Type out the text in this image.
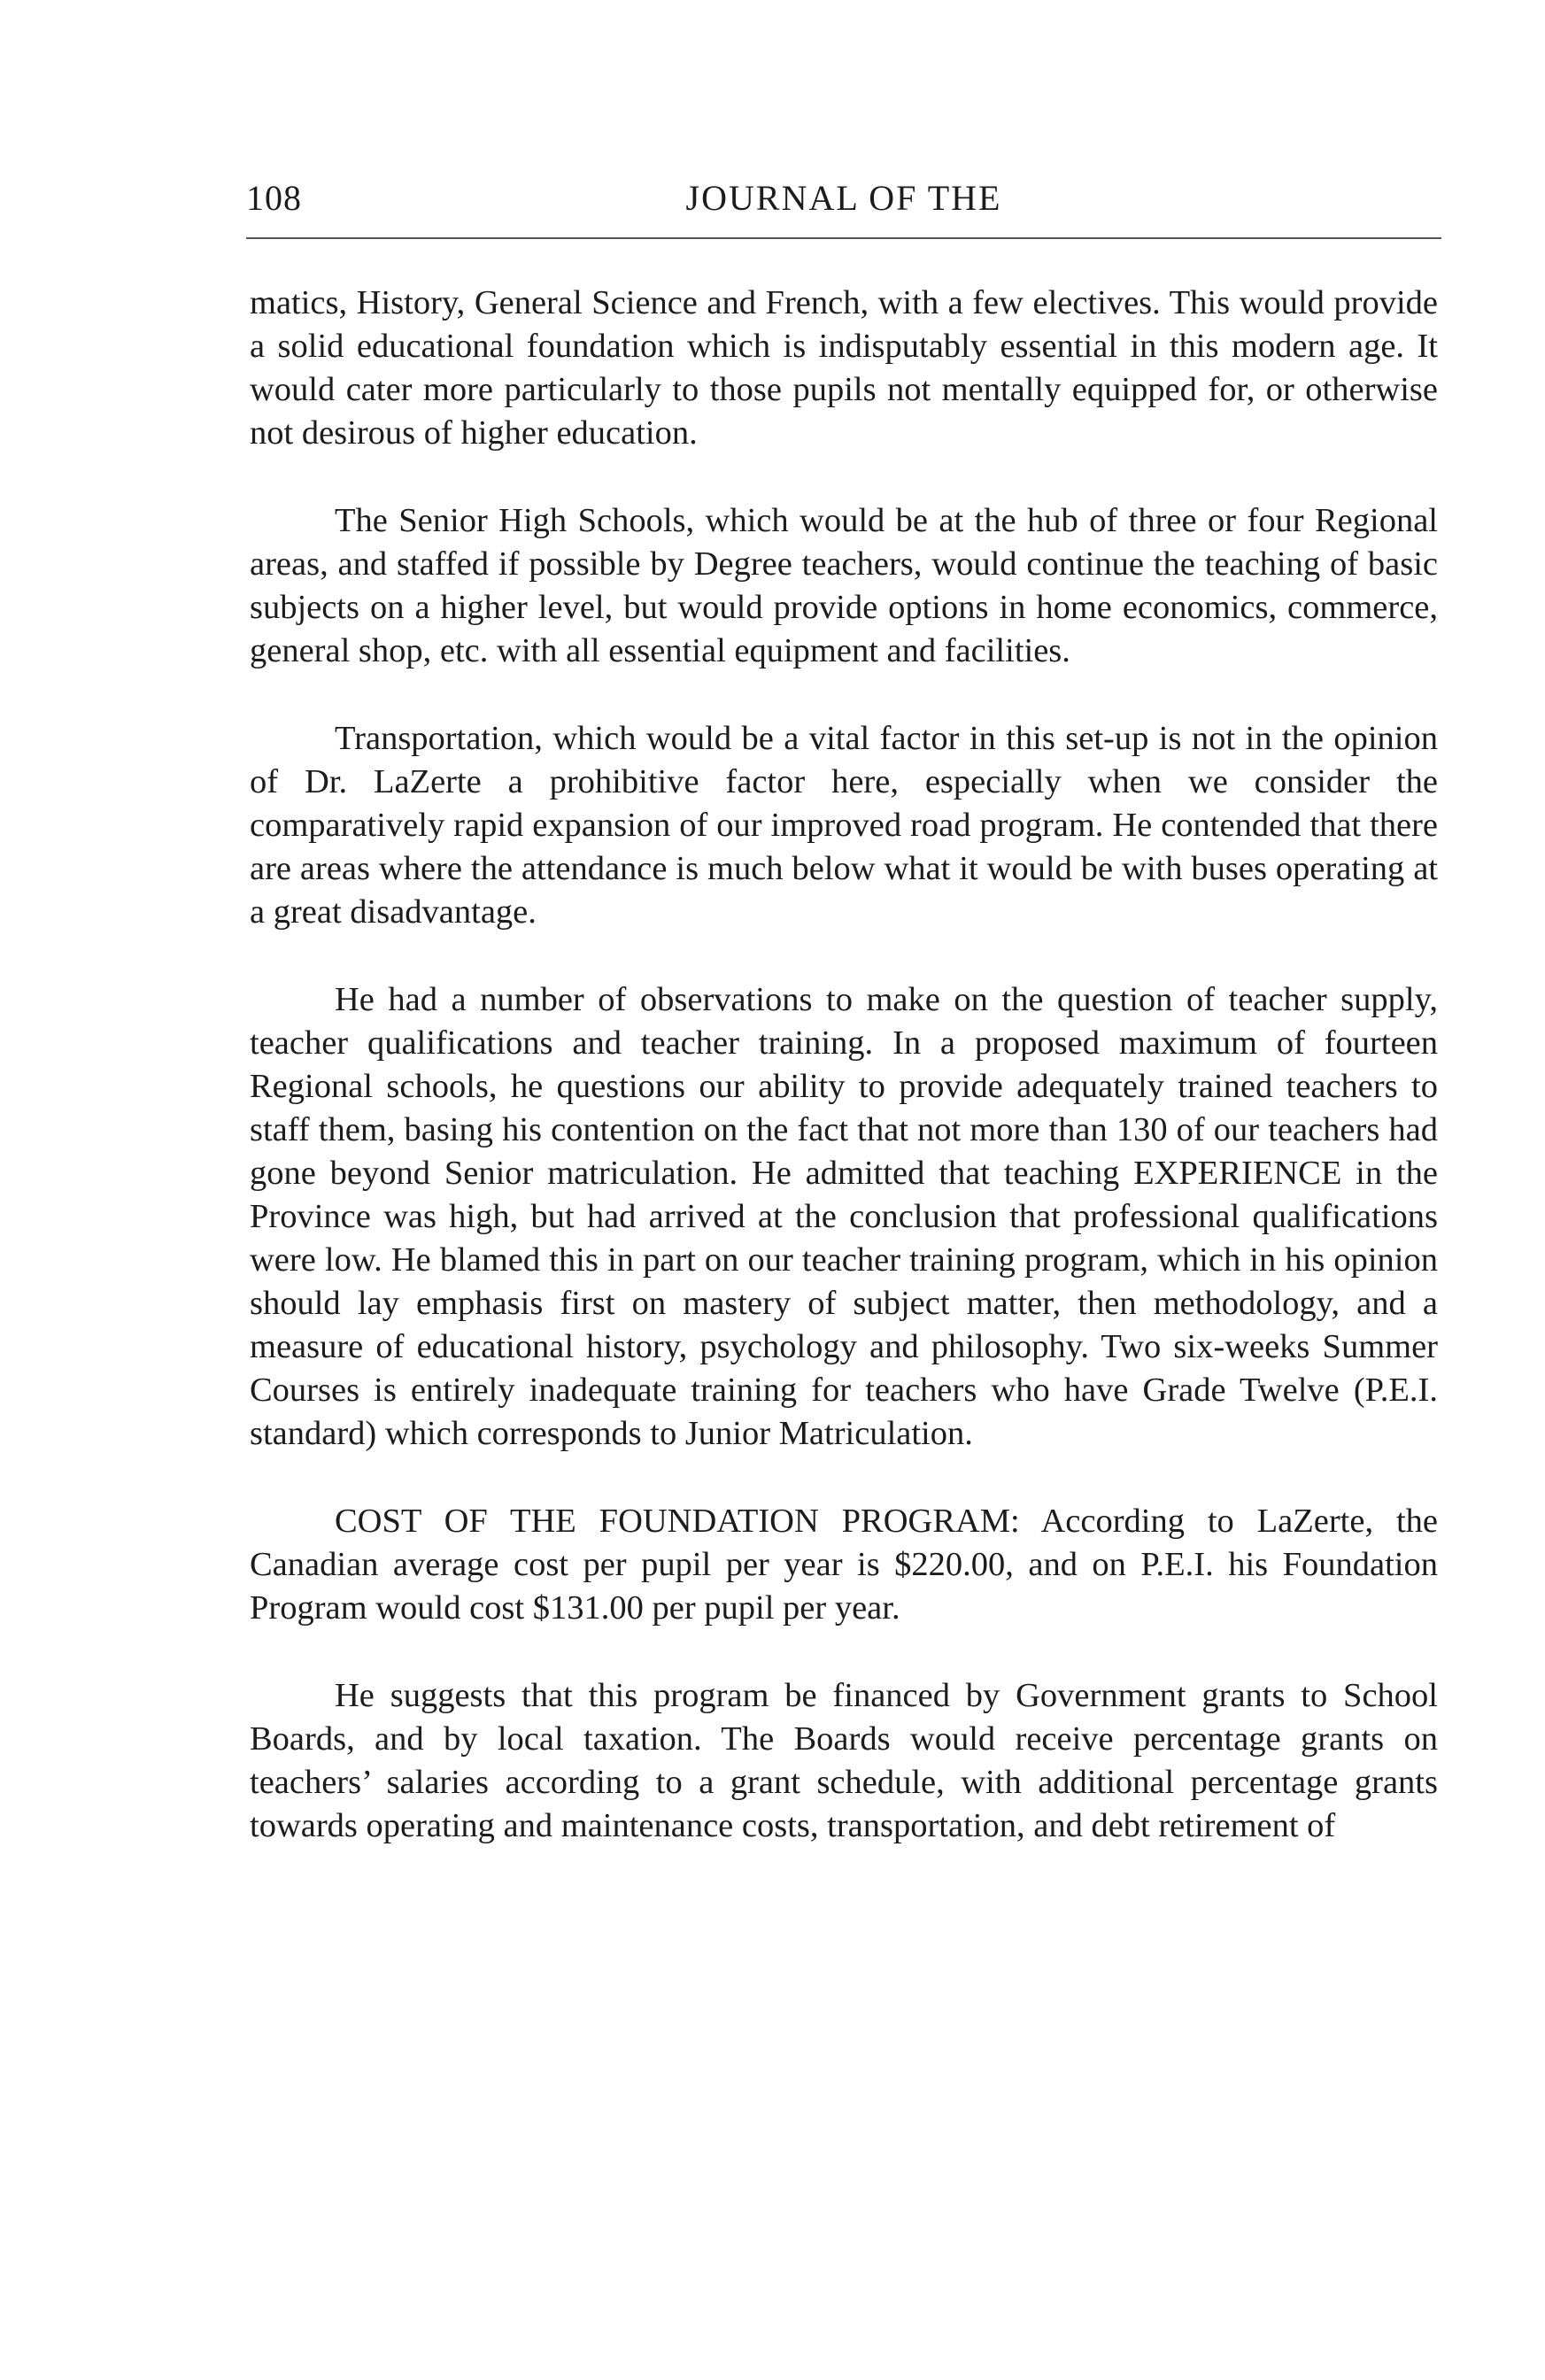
108	JOURNAL OF THE

matics, History, General Science and French, with a few electives. This would provide a solid educational foundation which is indisputably essential in this modern age. It would cater more particularly to those pupils not mentally equipped for, or otherwise not desirous of higher education.

The Senior High Schools, which would be at the hub of three or four Regional areas, and staffed if possible by Degree teachers, would continue the teaching of basic subjects on a higher level, but would provide options in home economics, commerce, general shop, etc. with all essential equipment and facilities.

Transportation, which would be a vital factor in this set-up is not in the opinion of Dr. LaZerte a prohibitive factor here, especially when we consider the comparatively rapid expansion of our improved road program. He contended that there are areas where the attendance is much below what it would be with buses operating at a great disadvantage.

He had a number of observations to make on the question of teacher supply, teacher qualifications and teacher training. In a proposed maximum of fourteen Regional schools, he questions our ability to provide adequately trained teachers to staff them, basing his contention on the fact that not more than 130 of our teachers had gone beyond Senior matriculation. He admitted that teaching EXPERIENCE in the Province was high, but had arrived at the conclusion that professional qualifications were low. He blamed this in part on our teacher training program, which in his opinion should lay emphasis first on mastery of subject matter, then methodology, and a measure of educational history, psychology and philosophy. Two six-weeks Summer Courses is entirely inadequate training for teachers who have Grade Twelve (P.E.I. standard) which corresponds to Junior Matriculation.

COST OF THE FOUNDATION PROGRAM: According to LaZerte, the Canadian average cost per pupil per year is $220.00, and on P.E.I. his Foundation Program would cost $131.00 per pupil per year.

He suggests that this program be financed by Government grants to School Boards, and by local taxation. The Boards would receive percentage grants on teachers’ salaries according to a grant schedule, with additional percentage grants towards operating and maintenance costs, transportation, and debt retirement of
